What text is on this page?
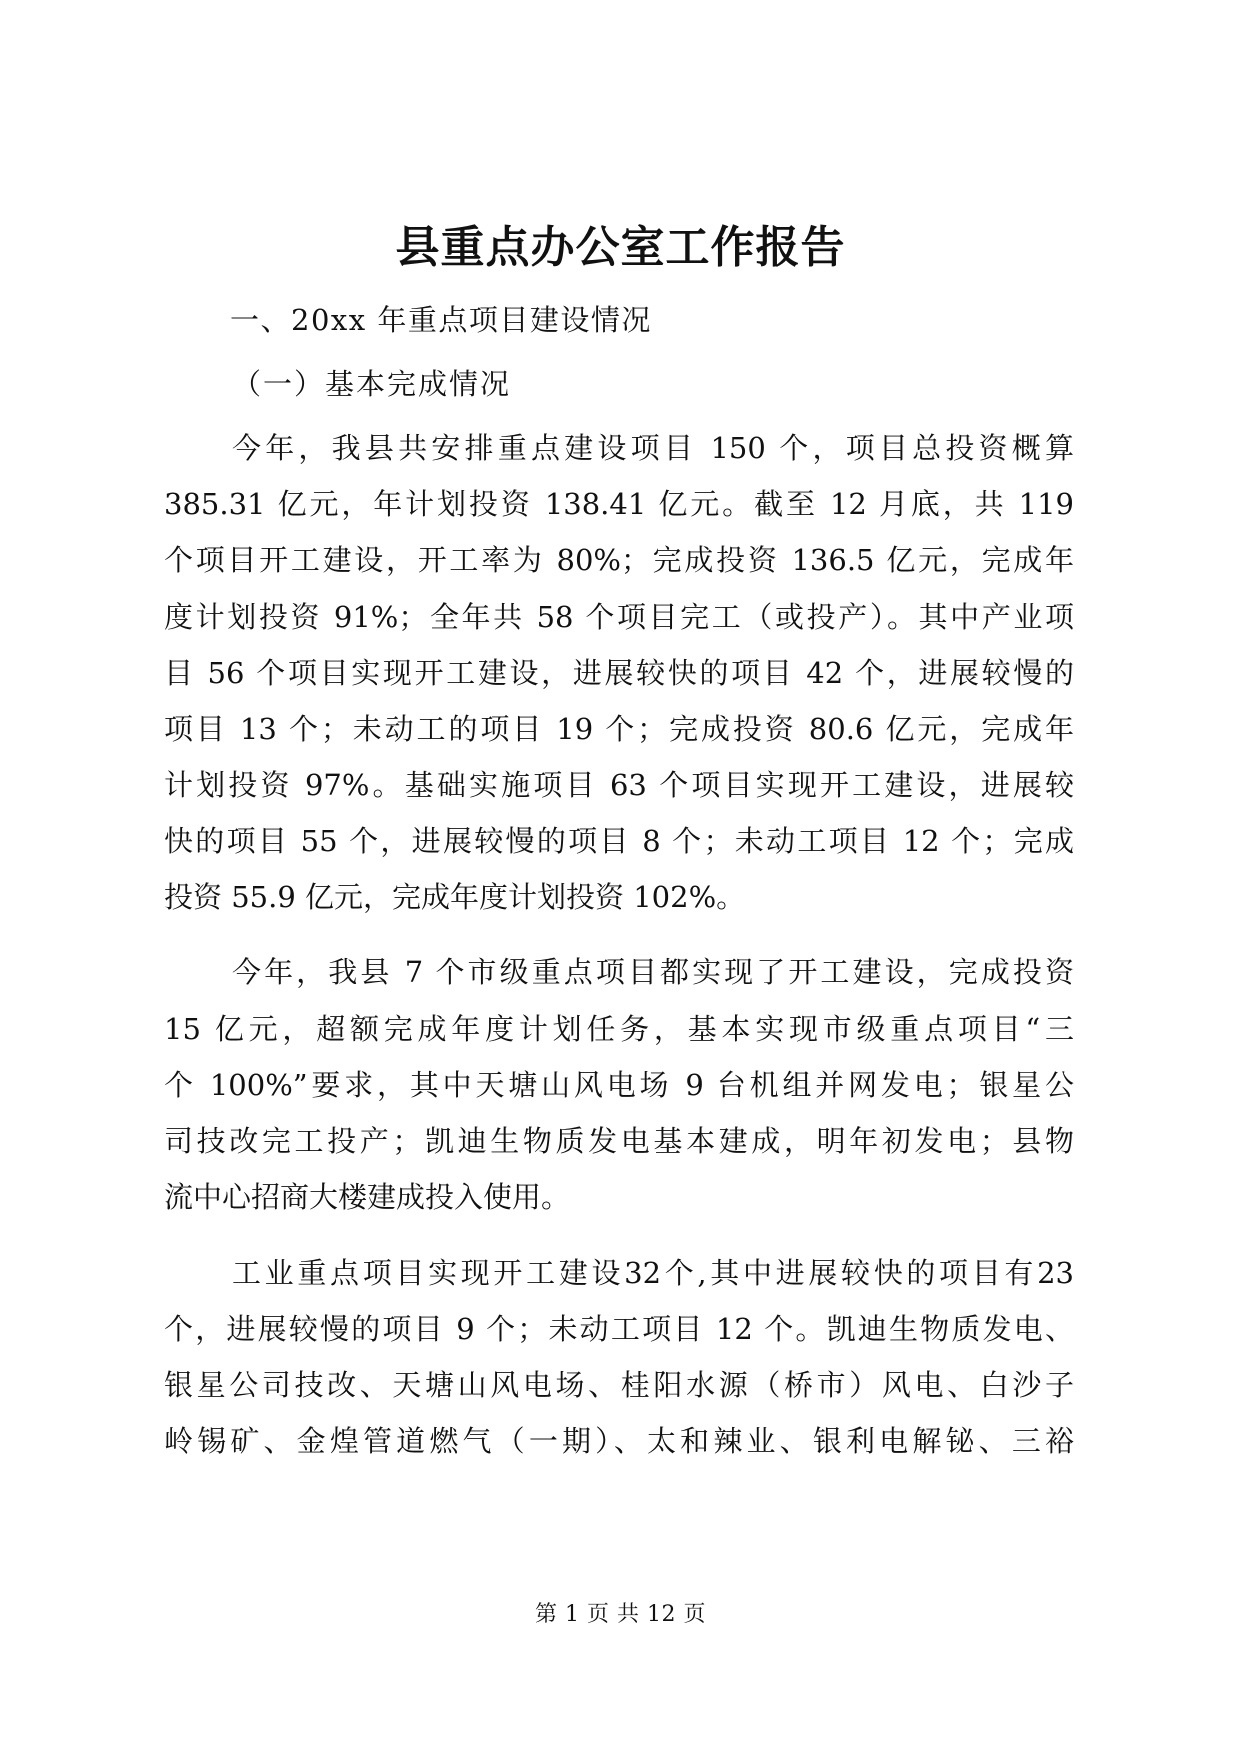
县重点办公室工作报告
一、20xx 年重点项目建设情况
（一）基本完成情况
今年，我县共安排重点建设项目 150 个，项目总投资概算
385.31 亿元，年计划投资 138.41 亿元。截至 12 月底，共 119
个项目开工建设，开工率为 80%；完成投资 136.5 亿元，完成年
度计划投资 91%；全年共 58 个项目完工（或投产）。其中产业项
目 56 个项目实现开工建设，进展较快的项目 42 个，进展较慢的
项目 13 个；未动工的项目 19 个；完成投资 80.6 亿元，完成年
计划投资 97%。基础实施项目 63 个项目实现开工建设，进展较
快的项目 55 个，进展较慢的项目 8 个；未动工项目 12 个；完成
投资 55.9 亿元，完成年度计划投资 102%。
今年，我县 7 个市级重点项目都实现了开工建设，完成投资
15 亿元，超额完成年度计划任务，基本实现市级重点项目“三
个 100%”要求，其中天塘山风电场 9 台机组并网发电；银星公
司技改完工投产；凯迪生物质发电基本建成，明年初发电；县物
流中心招商大楼建成投入使用。
工业重点项目实现开工建设32个,其中进展较快的项目有23
个，进展较慢的项目 9 个；未动工项目 12 个。凯迪生物质发电、
银星公司技改、天塘山风电场、桂阳水源（桥市）风电、白沙子
岭锡矿、金煌管道燃气（一期）、太和辣业、银利电解铋、三裕
第 1 页 共 12 页
